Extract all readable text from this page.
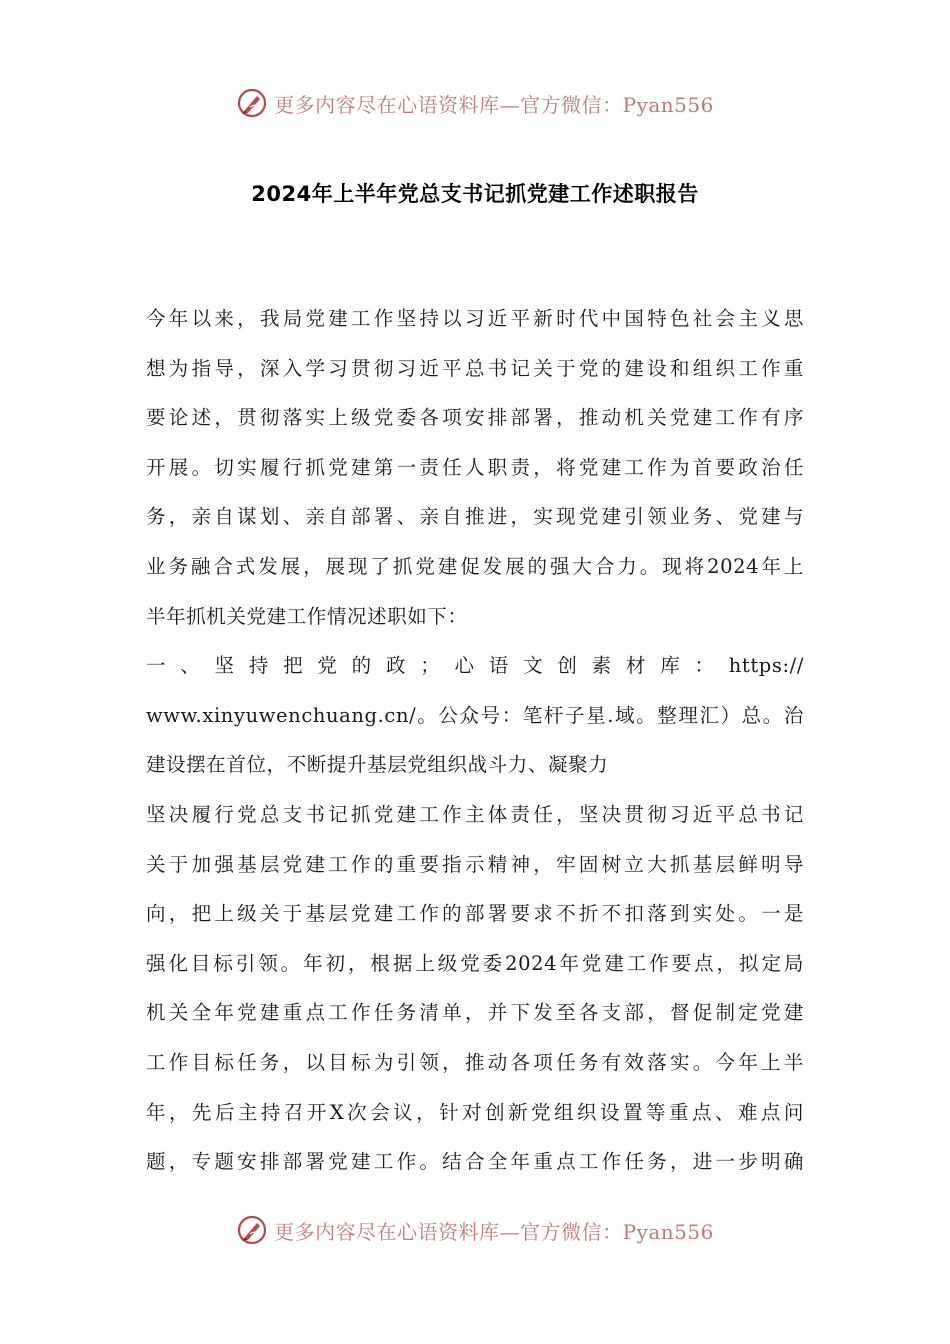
更多内容尽在心语资料库—官方微信：Pyan556
2024年上半年党总支书记抓党建工作述职报告
今年以来，我局党建工作坚持以习近平新时代中国特色社会主义思
想为指导，深入学习贯彻习近平总书记关于党的建设和组织工作重
要论述，贯彻落实上级党委各项安排部署，推动机关党建工作有序
开展。切实履行抓党建第一责任人职责，将党建工作为首要政治任
务，亲自谋划、亲自部署、亲自推进，实现党建引领业务、党建与
业务融合式发展，展现了抓党建促发展的强大合力。现将2024年上
半年抓机关党建工作情况述职如下：
一、坚持把党的政；心语文创素材库：https://
www.xinyuwenchuang.cn/。公众号：笔杆子星.域。整理汇）总。治
建设摆在首位，不断提升基层党组织战斗力、凝聚力
坚决履行党总支书记抓党建工作主体责任，坚决贯彻习近平总书记
关于加强基层党建工作的重要指示精神，牢固树立大抓基层鲜明导
向，把上级关于基层党建工作的部署要求不折不扣落到实处。一是
强化目标引领。年初，根据上级党委2024年党建工作要点，拟定局
机关全年党建重点工作任务清单，并下发至各支部，督促制定党建
工作目标任务，以目标为引领，推动各项任务有效落实。今年上半
年，先后主持召开X次会议，针对创新党组织设置等重点、难点问
题，专题安排部署党建工作。结合全年重点工作任务，进一步明确
更多内容尽在心语资料库—官方微信：Pyan556
